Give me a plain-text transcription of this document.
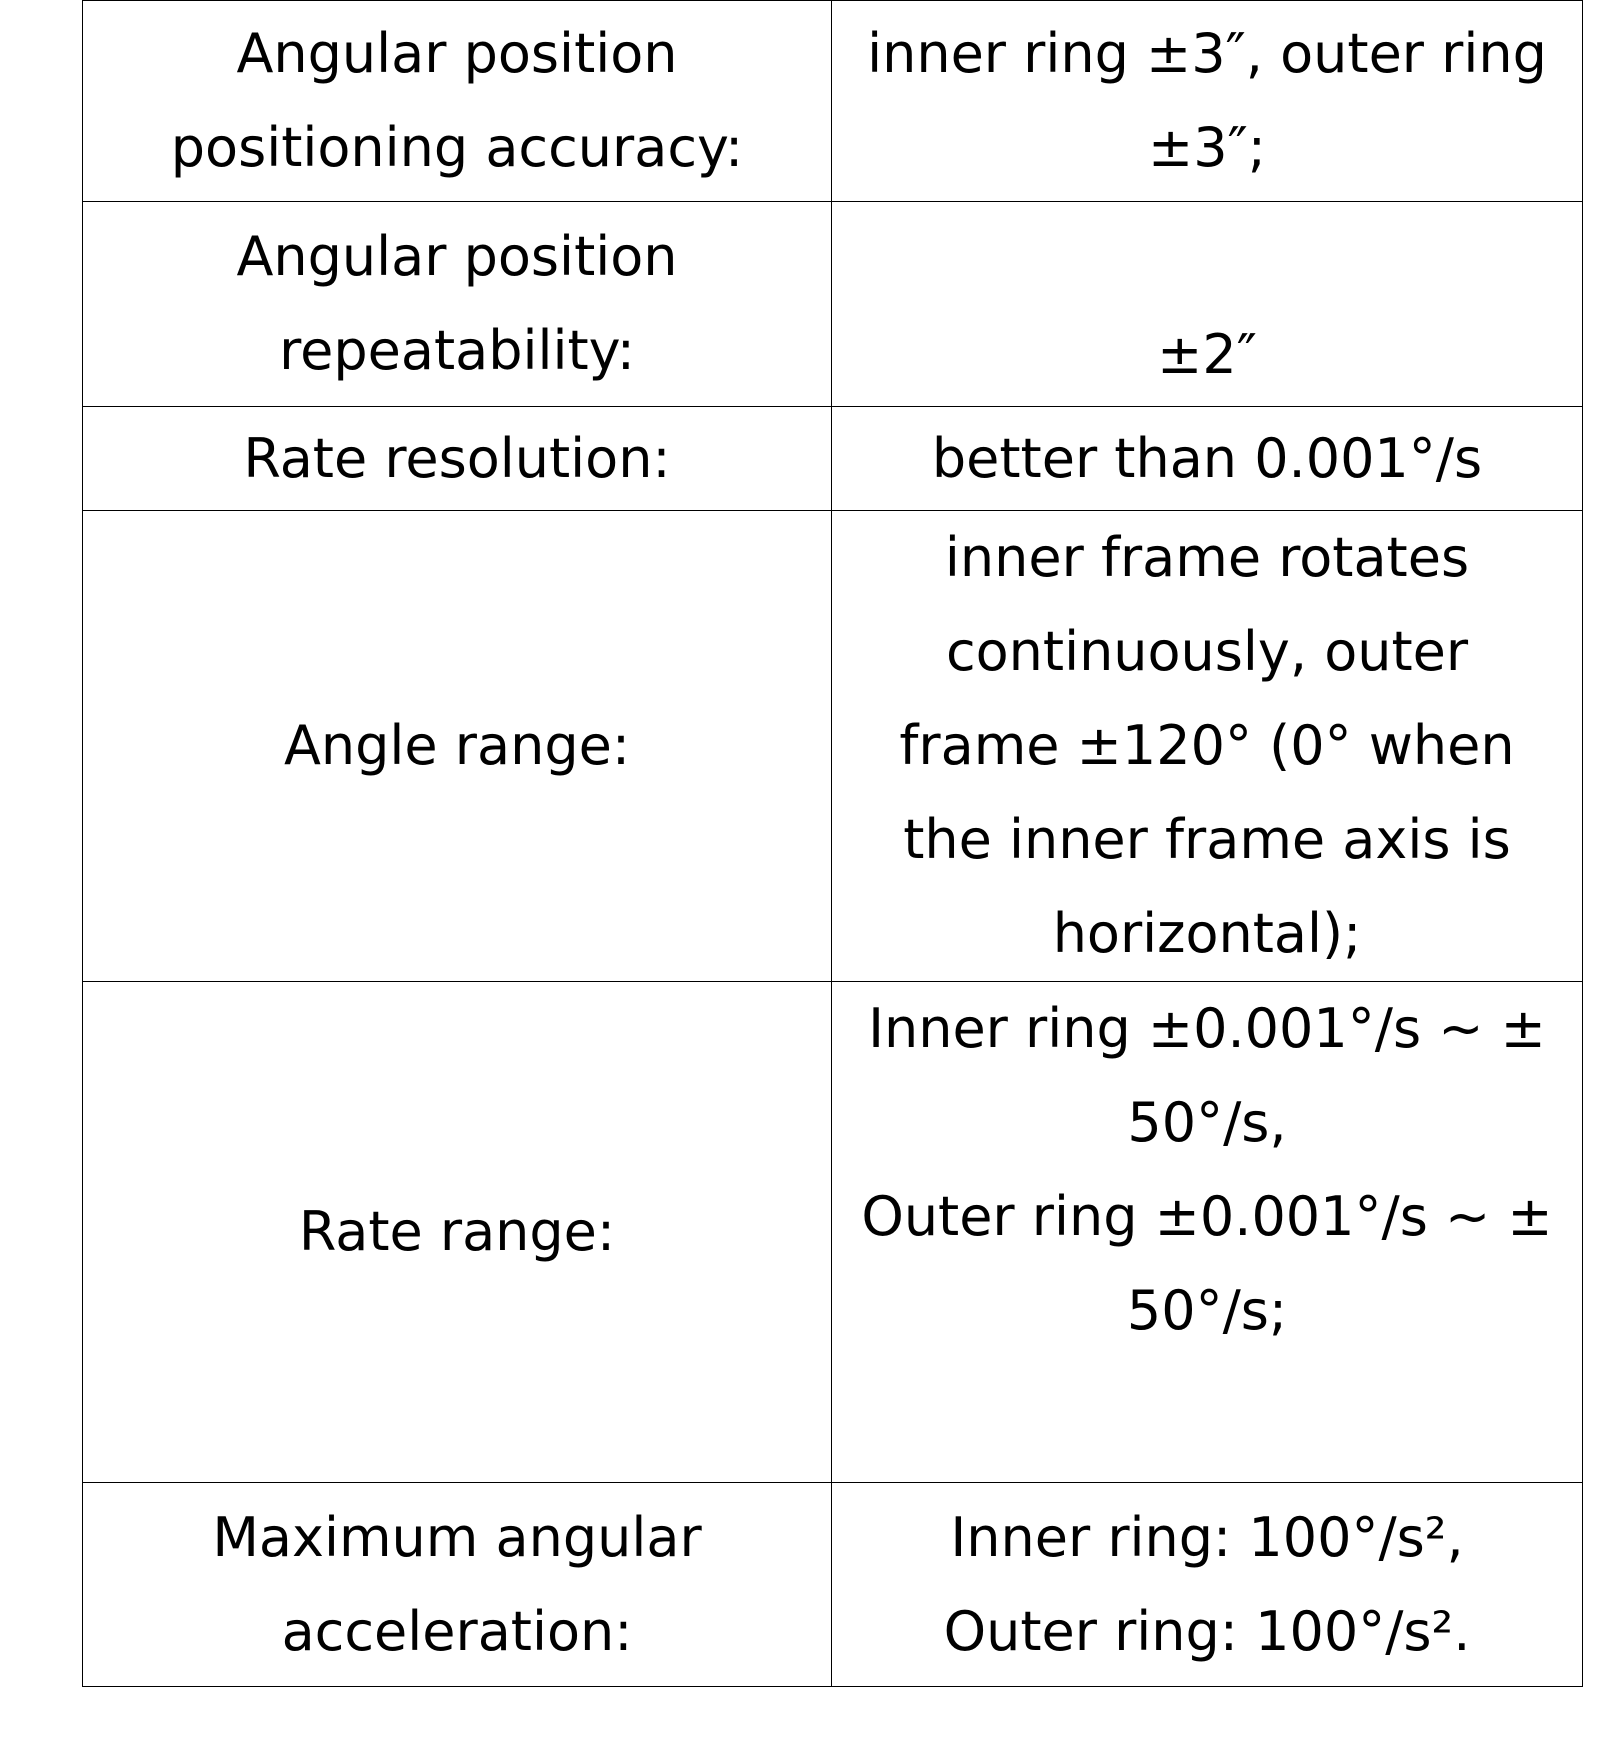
Angular position
positioning accuracy:	inner ring ±3″, outer ring
±3″;

Angular position
repeatability:	±2″

Rate resolution:	better than 0.001°/s

Angle range:	inner frame rotates
continuously, outer
frame ±120° (0° when
the inner frame axis is
horizontal);

Rate range:	Inner ring ±0.001°/s ~ ±
50°/s,
Outer ring ±0.001°/s ~ ±
50°/s;

Maximum angular
acceleration:	Inner ring: 100°/s²,
Outer ring: 100°/s².
